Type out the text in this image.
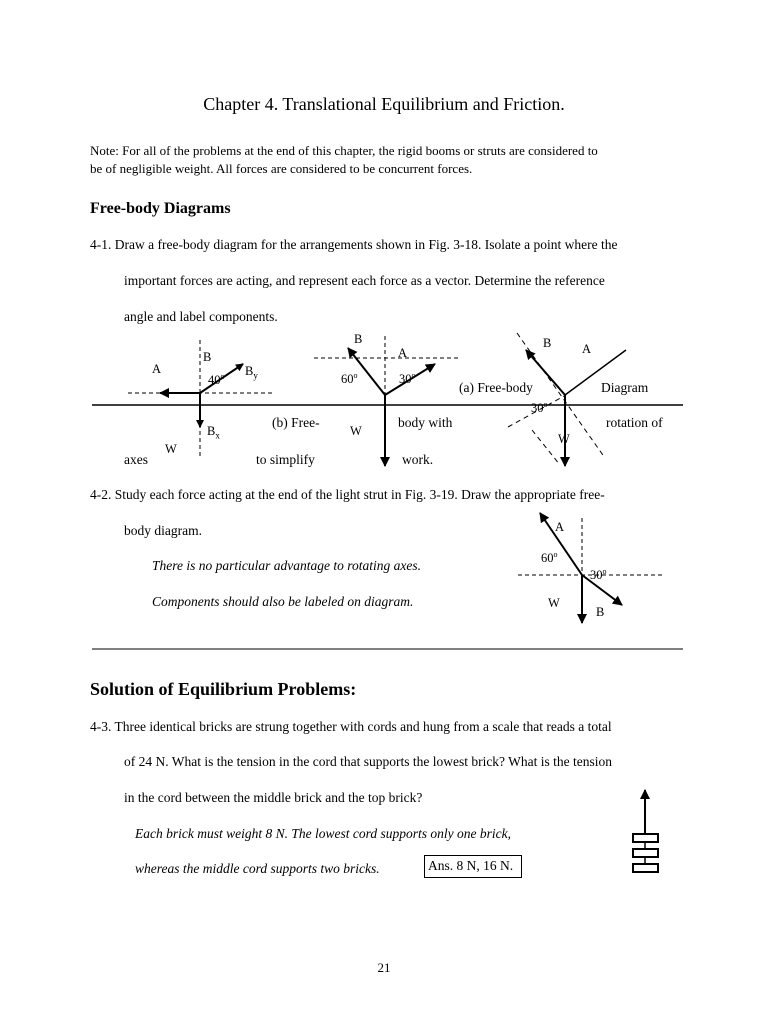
Chapter 4. Translational Equilibrium and Friction.
Note: For all of the problems at the end of this chapter, the rigid booms or struts are considered to
be of negligible weight. All forces are considered to be concurrent forces.
Free-body Diagrams
4-1. Draw a free-body diagram for the arrangements shown in Fig. 3-18. Isolate a point where the
important forces are acting, and represent each force as a vector. Determine the reference
angle and label components.
A
B
40$^o$ $B_y$
$B_x$
W
B
A
60$^o$	30$^o$
W
B A
30$^o$
W
(a) Free-body	Diagram
(b) Free-	body with	rotation of
axes	to simplify	work.
4-2. Study each force acting at the end of the light strut in Fig. 3-19. Draw the appropriate free-
body diagram.
There is no particular advantage to rotating axes.
Components should also be labeled on diagram.
A
60$^o$
30$^o$
W
B
Solution of Equilibrium Problems:
4-3. Three identical bricks are strung together with cords and hung from a scale that reads a total
of 24 N. What is the tension in the cord that supports the lowest brick? What is the tension
in the cord between the middle brick and the top brick?
Each brick must weight 8 N. The lowest cord supports only one brick,
whereas the middle cord supports two bricks.	Ans. 8 N, 16 N.
21
